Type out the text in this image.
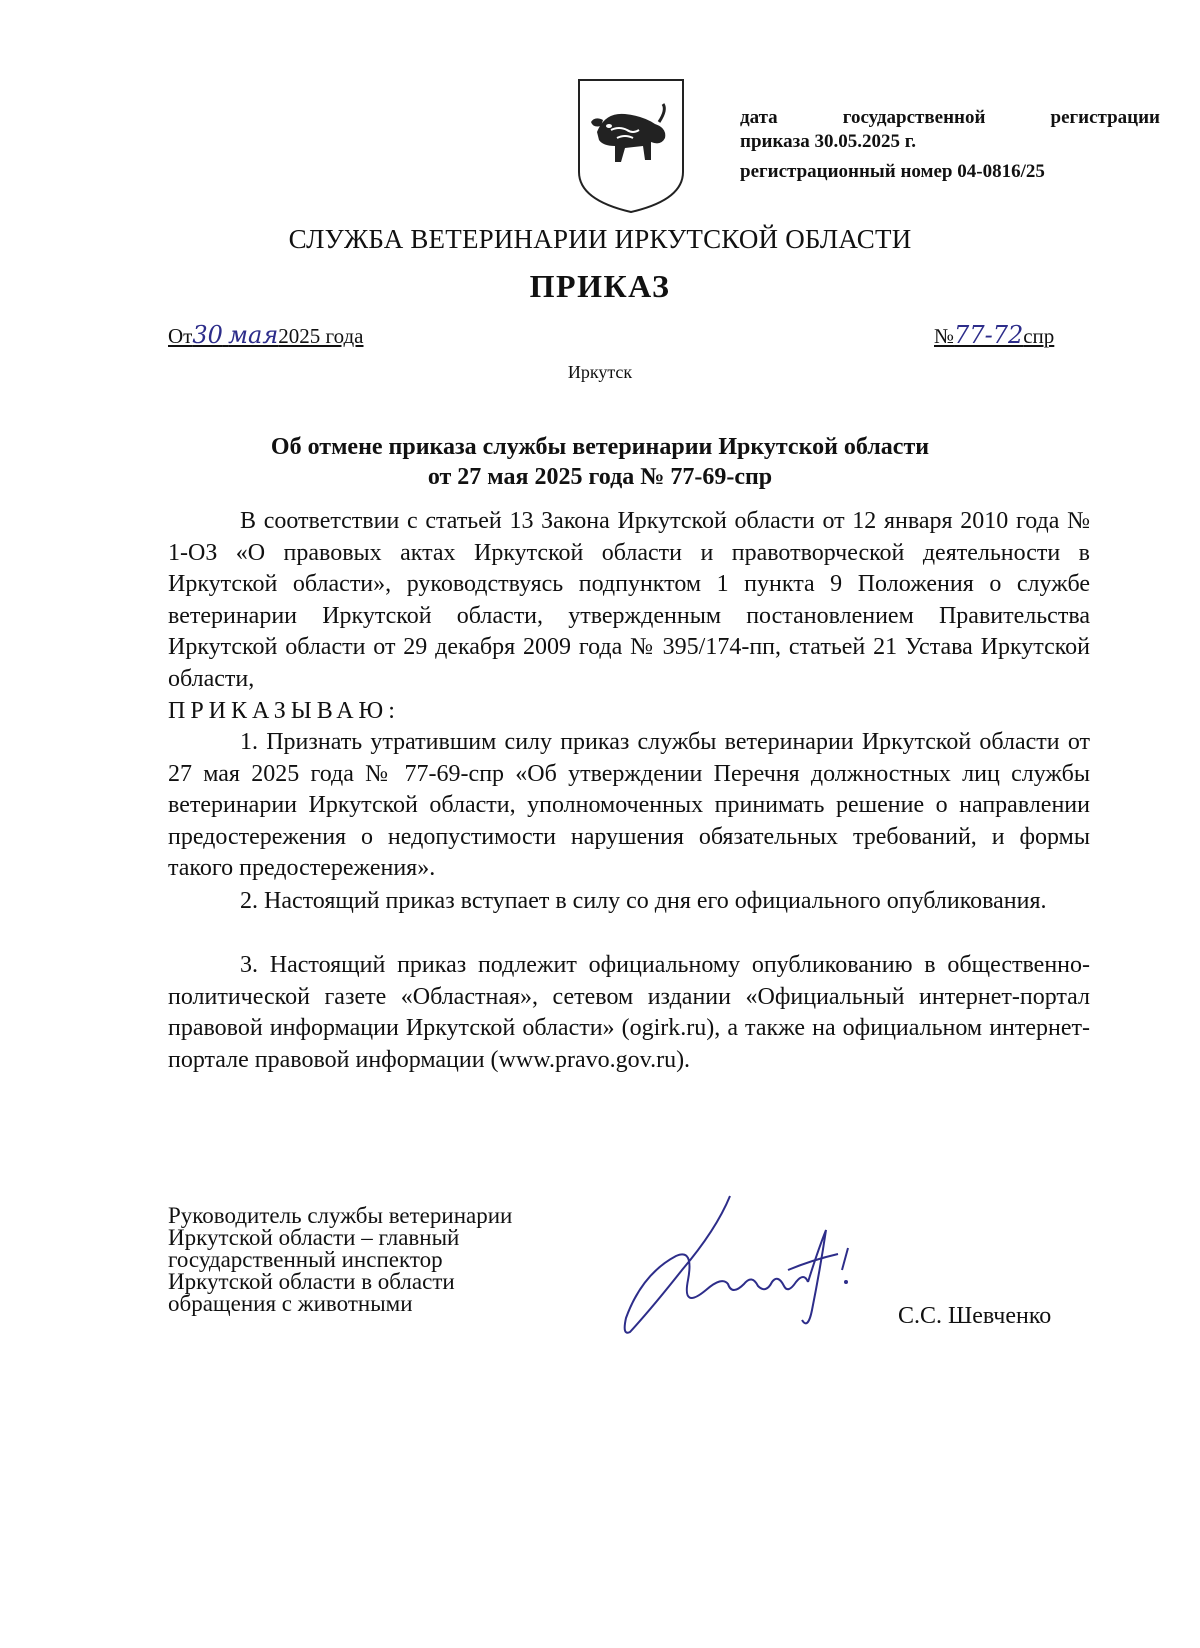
дата государственной регистрации
приказа 30.05.2025 г.
регистрационный номер 04-0816/25
СЛУЖБА ВЕТЕРИНАРИИ ИРКУТСКОЙ ОБЛАСТИ
ПРИКАЗ
От30 мая2025 года	№77-72спр
Иркутск
Об отмене приказа службы ветеринарии Иркутской области
от 27 мая 2025 года № 77-69-спр
В соответствии с статьей 13 Закона Иркутской области от 12 января 2010 года № 1-ОЗ «О правовых актах Иркутской области и правотворческой деятельности в Иркутской области», руководствуясь подпунктом 1 пункта 9 Положения о службе ветеринарии Иркутской области, утвержденным постановлением Правительства Иркутской области от 29 декабря 2009 года № 395/174-пп, статьей 21 Устава Иркутской области,
ПРИКАЗЫВАЮ:
1. Признать утратившим силу приказ службы ветеринарии Иркутской области от 27 мая 2025 года № 77-69-спр «Об утверждении Перечня должностных лиц службы ветеринарии Иркутской области, уполномоченных принимать решение о направлении предостережения о недопустимости нарушения обязательных требований, и формы такого предостережения».
2. Настоящий приказ вступает в силу со дня его официального опубликования.
3. Настоящий приказ подлежит официальному опубликованию в общественно-политической газете «Областная», сетевом издании «Официальный интернет-портал правовой информации Иркутской области» (ogirk.ru), а также на официальном интернет-портале правовой информации (www.pravo.gov.ru).
Руководитель службы ветеринарии
Иркутской области – главный
государственный инспектор
Иркутской области в области
обращения с животными	С.С. Шевченко
